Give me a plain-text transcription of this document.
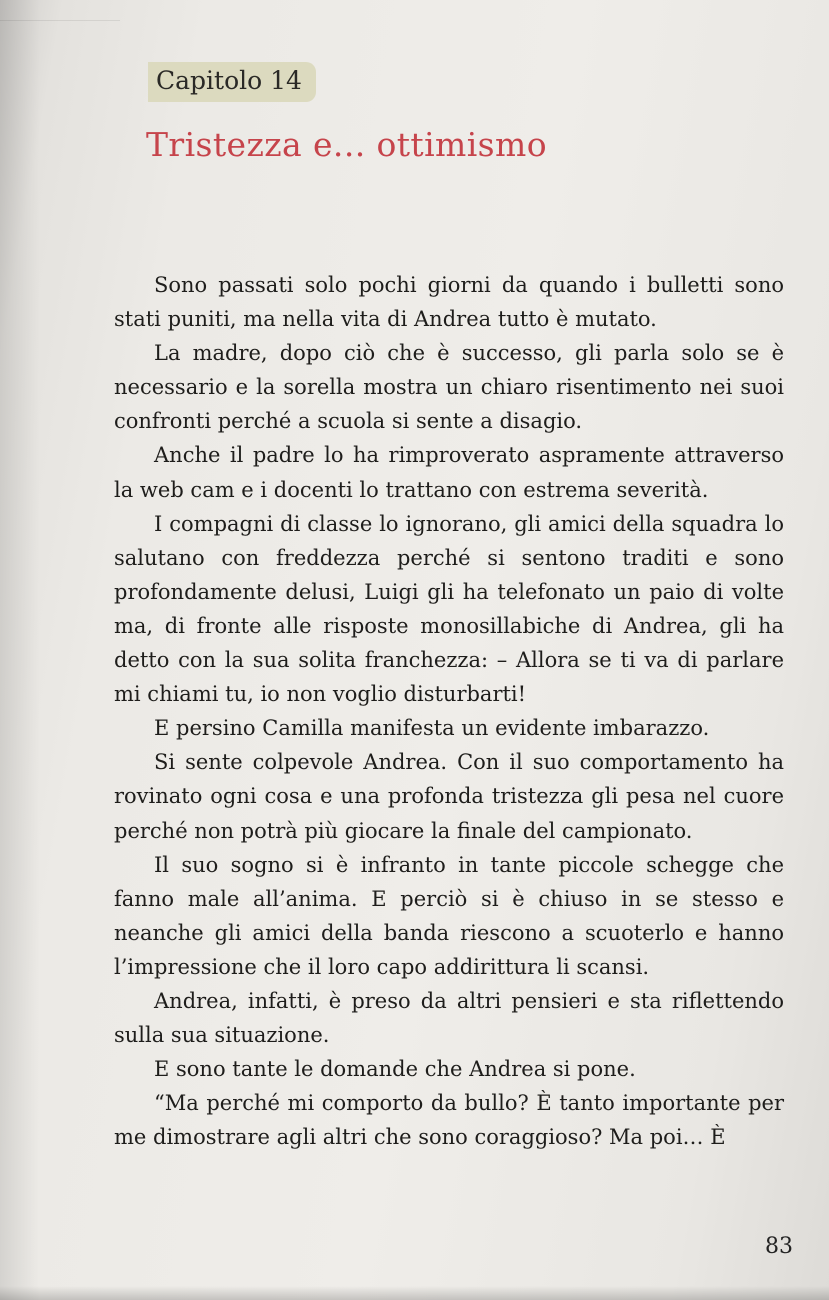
Capitolo 14
Tristezza e... ottimismo

Sono passati solo pochi giorni da quando i bulletti sono stati puniti, ma nella vita di Andrea tutto è mutato.

La madre, dopo ciò che è successo, gli parla solo se è necessario e la sorella mostra un chiaro risentimento nei suoi confronti perché a scuola si sente a disagio.

Anche il padre lo ha rimproverato aspramente attraverso la web cam e i docenti lo trattano con estrema severità.

I compagni di classe lo ignorano, gli amici della squadra lo salutano con freddezza perché si sentono traditi e sono profondamente delusi, Luigi gli ha telefonato un paio di volte ma, di fronte alle risposte monosillabiche di Andrea, gli ha detto con la sua solita franchezza: – Allora se ti va di parlare mi chiami tu, io non voglio disturbarti!

E persino Camilla manifesta un evidente imbarazzo.

Si sente colpevole Andrea. Con il suo comportamento ha rovinato ogni cosa e una profonda tristezza gli pesa nel cuore perché non potrà più giocare la finale del campionato.

Il suo sogno si è infranto in tante piccole schegge che fanno male all’anima. E perciò si è chiuso in se stesso e neanche gli amici della banda riescono a scuoterlo e hanno l’impressione che il loro capo addirittura li scansi.

Andrea, infatti, è preso da altri pensieri e sta riflettendo sulla sua situazione.

E sono tante le domande che Andrea si pone.

“Ma perché mi comporto da bullo? È tanto importante per me dimostrare agli altri che sono coraggioso? Ma poi… È

83
